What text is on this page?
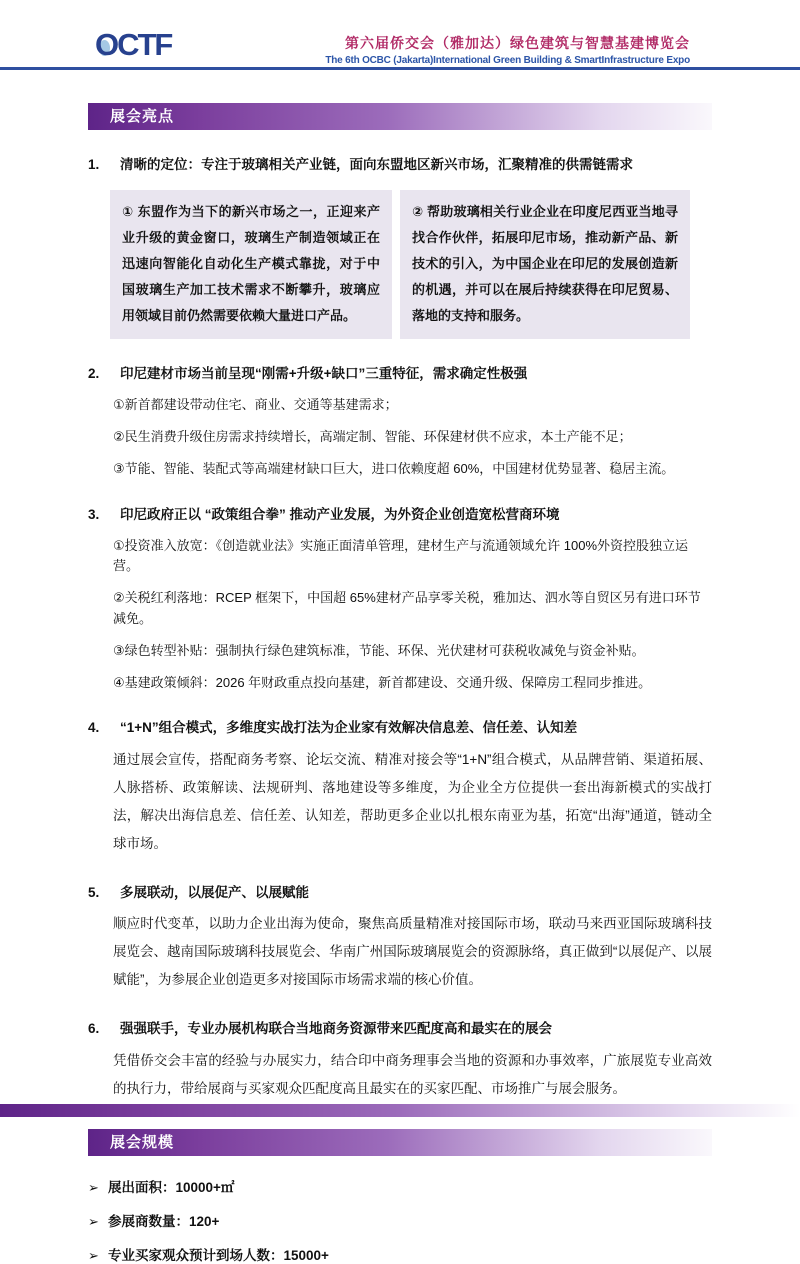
OCTF	第六届侨交会（雅加达）绿色建筑与智慧基建博览会
The 6th OCBC (Jakarta)International Green Building & SmartInfrastructure Expo
展会亮点
1.	清晰的定位：专注于玻璃相关产业链，面向东盟地区新兴市场，汇聚精准的供需链需求
① 东盟作为当下的新兴市场之一，正迎来产业升级的黄金窗口，玻璃生产制造领域正在迅速向智能化自动化生产模式靠拢，对于中国玻璃生产加工技术需求不断攀升，玻璃应用领域目前仍然需要依赖大量进口产品。
② 帮助玻璃相关行业企业在印度尼西亚当地寻找合作伙伴，拓展印尼市场，推动新产品、新技术的引入，为中国企业在印尼的发展创造新的机遇，并可以在展后持续获得在印尼贸易、落地的支持和服务。
2.	印尼建材市场当前呈现“刚需+升级+缺口”三重特征，需求确定性极强
①新首都建设带动住宅、商业、交通等基建需求；
②民生消费升级住房需求持续增长，高端定制、智能、环保建材供不应求，本土产能不足；
③节能、智能、装配式等高端建材缺口巨大，进口依赖度超 60%，中国建材优势显著、稳居主流。
3.	印尼政府正以 “政策组合拳” 推动产业发展，为外资企业创造宽松营商环境
①投资准入放宽：《创造就业法》实施正面清单管理，建材生产与流通领域允许 100%外资控股独立运营。
②关税红利落地：RCEP 框架下，中国超 65%建材产品享零关税，雅加达、泗水等自贸区另有进口环节减免。
③绿色转型补贴：强制执行绿色建筑标准，节能、环保、光伏建材可获税收减免与资金补贴。
④基建政策倾斜：2026 年财政重点投向基建，新首都建设、交通升级、保障房工程同步推进。
4.	“1+N”组合模式，多维度实战打法为企业家有效解决信息差、信任差、认知差
通过展会宣传，搭配商务考察、论坛交流、精准对接会等“1+N”组合模式，从品牌营销、渠道拓展、人脉搭桥、政策解读、法规研判、落地建设等多维度，为企业全方位提供一套出海新模式的实战打法，解决出海信息差、信任差、认知差，帮助更多企业以扎根东南亚为基，拓宽“出海”通道，链动全球市场。
5.	多展联动，以展促产、以展赋能
顺应时代变革，以助力企业出海为使命，聚焦高质量精准对接国际市场，联动马来西亚国际玻璃科技展览会、越南国际玻璃科技展览会、华南广州国际玻璃展览会的资源脉络，真正做到“以展促产、以展赋能”，为参展企业创造更多对接国际市场需求端的核心价值。
6.	强强联手，专业办展机构联合当地商务资源带来匹配度高和最实在的展会
凭借侨交会丰富的经验与办展实力，结合印中商务理事会当地的资源和办事效率，广旅展览专业高效的执行力，带给展商与买家观众匹配度高且最实在的买家匹配、市场推广与展会服务。
展会规模
➢ 展出面积：10000+㎡
➢ 参展商数量：120+
➢ 专业买家观众预计到场人数：15000+
